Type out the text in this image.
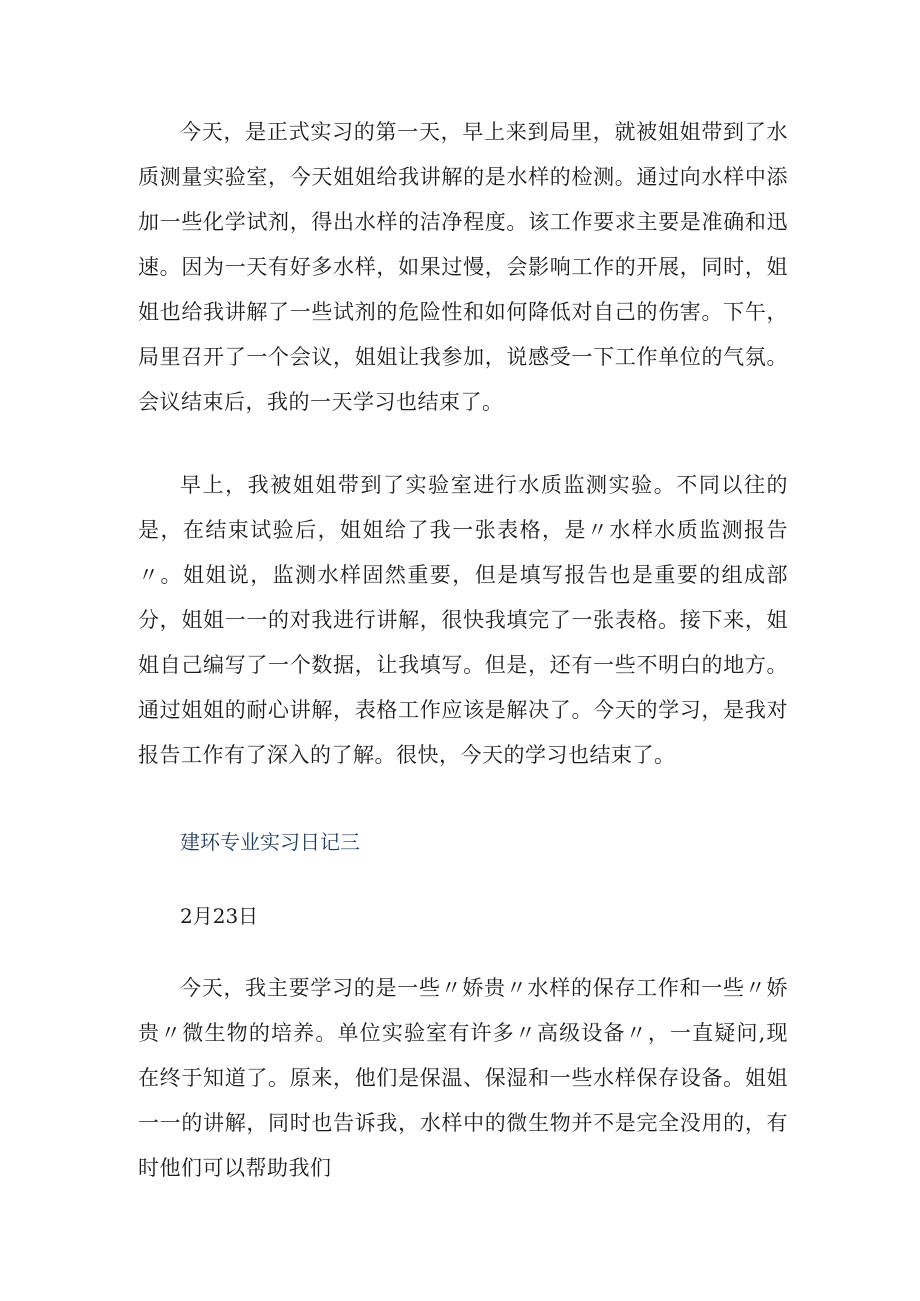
今天，是正式实习的第一天，早上来到局里，就被姐姐带到了水质测量实验室，今天姐姐给我讲解的是水样的检测。通过向水样中添加一些化学试剂，得出水样的洁净程度。该工作要求主要是准确和迅速。因为一天有好多水样，如果过慢，会影响工作的开展，同时，姐姐也给我讲解了一些试剂的危险性和如何降低对自己的伤害。下午，局里召开了一个会议，姐姐让我参加，说感受一下工作单位的气氛。会议结束后，我的一天学习也结束了。

早上，我被姐姐带到了实验室进行水质监测实验。不同以往的是，在结束试验后，姐姐给了我一张表格，是〃水样水质监测报告〃。姐姐说，监测水样固然重要，但是填写报告也是重要的组成部分，姐姐一一的对我进行讲解，很快我填完了一张表格。接下来，姐姐自己编写了一个数据，让我填写。但是，还有一些不明白的地方。通过姐姐的耐心讲解，表格工作应该是解决了。今天的学习，是我对报告工作有了深入的了解。很快，今天的学习也结束了。

建环专业实习日记三

2月23日

今天，我主要学习的是一些〃娇贵〃水样的保存工作和一些〃娇贵〃微生物的培养。单位实验室有许多〃高级设备〃，一直疑问,现在终于知道了。原来，他们是保温、保湿和一些水样保存设备。姐姐一一的讲解，同时也告诉我，水样中的微生物并不是完全没用的，有时他们可以帮助我们
